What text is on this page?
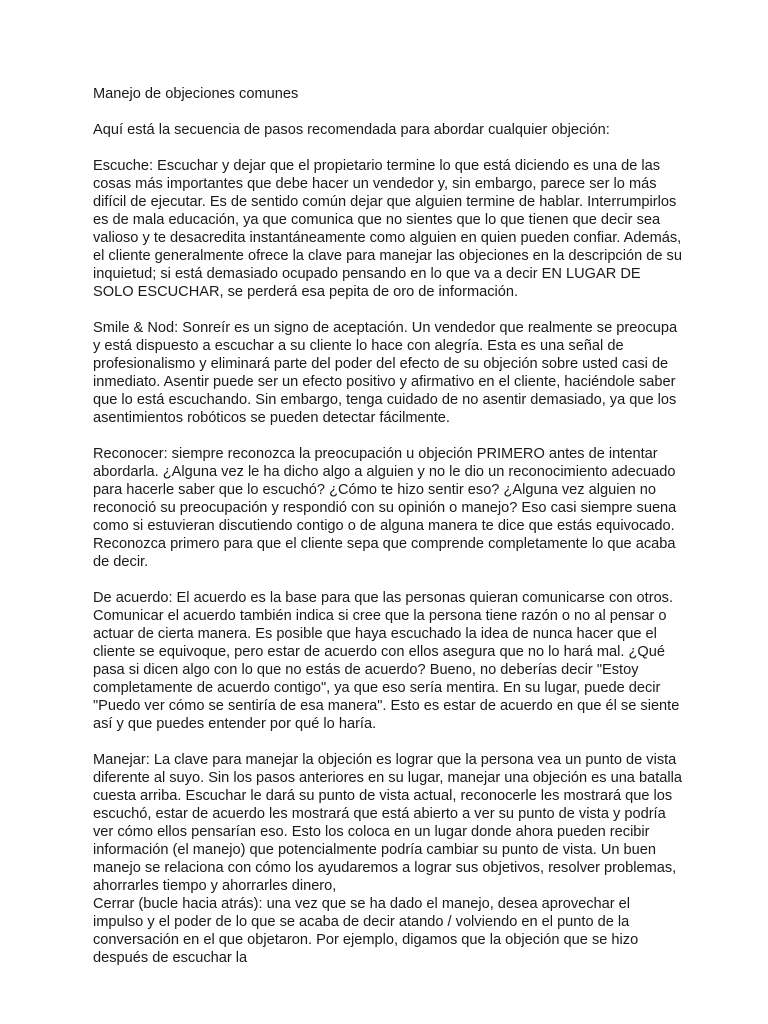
Manejo de objeciones comunes

Aquí está la secuencia de pasos recomendada para abordar cualquier objeción:

Escuche: Escuchar y dejar que el propietario termine lo que está diciendo es una de las cosas más importantes que debe hacer un vendedor y, sin embargo, parece ser lo más difícil de ejecutar. Es de sentido común dejar que alguien termine de hablar. Interrumpirlos es de mala educación, ya que comunica que no sientes que lo que tienen que decir sea valioso y te desacredita instantáneamente como alguien en quien pueden confiar. Además, el cliente generalmente ofrece la clave para manejar las objeciones en la descripción de su inquietud; si está demasiado ocupado pensando en lo que va a decir EN LUGAR DE SOLO ESCUCHAR, se perderá esa pepita de oro de información.

Smile & Nod: Sonreír es un signo de aceptación. Un vendedor que realmente se preocupa y está dispuesto a escuchar a su cliente lo hace con alegría. Esta es una señal de profesionalismo y eliminará parte del poder del efecto de su objeción sobre usted casi de inmediato. Asentir puede ser un efecto positivo y afirmativo en el cliente, haciéndole saber que lo está escuchando. Sin embargo, tenga cuidado de no asentir demasiado, ya que los asentimientos robóticos se pueden detectar fácilmente.

Reconocer: siempre reconozca la preocupación u objeción PRIMERO antes de intentar abordarla. ¿Alguna vez le ha dicho algo a alguien y no le dio un reconocimiento adecuado para hacerle saber que lo escuchó? ¿Cómo te hizo sentir eso? ¿Alguna vez alguien no reconoció su preocupación y respondió con su opinión o manejo? Eso casi siempre suena como si estuvieran discutiendo contigo o de alguna manera te dice que estás equivocado. Reconozca primero para que el cliente sepa que comprende completamente lo que acaba de decir.

De acuerdo: El acuerdo es la base para que las personas quieran comunicarse con otros. Comunicar el acuerdo también indica si cree que la persona tiene razón o no al pensar o actuar de cierta manera. Es posible que haya escuchado la idea de nunca hacer que el cliente se equivoque, pero estar de acuerdo con ellos asegura que no lo hará mal. ¿Qué pasa si dicen algo con lo que no estás de acuerdo? Bueno, no deberías decir "Estoy completamente de acuerdo contigo", ya que eso sería mentira. En su lugar, puede decir "Puedo ver cómo se sentiría de esa manera". Esto es estar de acuerdo en que él se siente así y que puedes entender por qué lo haría.

Manejar: La clave para manejar la objeción es lograr que la persona vea un punto de vista diferente al suyo. Sin los pasos anteriores en su lugar, manejar una objeción es una batalla cuesta arriba. Escuchar le dará su punto de vista actual, reconocerle les mostrará que los escuchó, estar de acuerdo les mostrará que está abierto a ver su punto de vista y podría ver cómo ellos pensarían eso. Esto los coloca en un lugar donde ahora pueden recibir información (el manejo) que potencialmente podría cambiar su punto de vista. Un buen manejo se relaciona con cómo los ayudaremos a lograr sus objetivos, resolver problemas, ahorrarles tiempo y ahorrarles dinero,

Cerrar (bucle hacia atrás): una vez que se ha dado el manejo, desea aprovechar el impulso y el poder de lo que se acaba de decir atando / volviendo en el punto de la conversación en el que objetaron. Por ejemplo, digamos que la objeción que se hizo después de escuchar la
